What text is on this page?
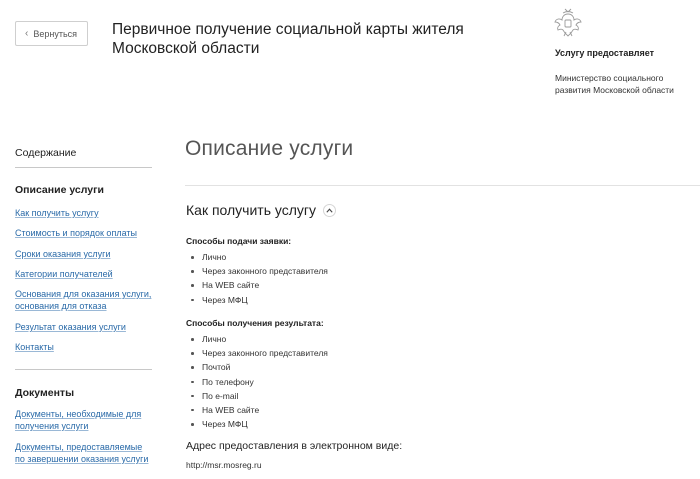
‹ Вернуться Первичное получение социальной карты жителя Московской области	Услугу предоставляет
Министерство социального развития Московской области
Содержание
Описание услуги
Как получить услугу
Стоимость и порядок оплаты
Сроки оказания услуги
Категории получателей
Основания для оказания услуги, основания для отказа
Результат оказания услуги
Контакты
Документы
Документы, необходимые для получения услуги
Документы, предоставляемые по завершении оказания услуги
Описание услуги
Как получить услугу
Способы подачи заявки:
Лично
Через законного представителя
На WEB сайте
Через МФЦ
Способы получения результата:
Лично
Через законного представителя
Почтой
По телефону
По e-mail
На WEB сайте
Через МФЦ
Адрес предоставления в электронном виде:
http://msr.mosreg.ru
